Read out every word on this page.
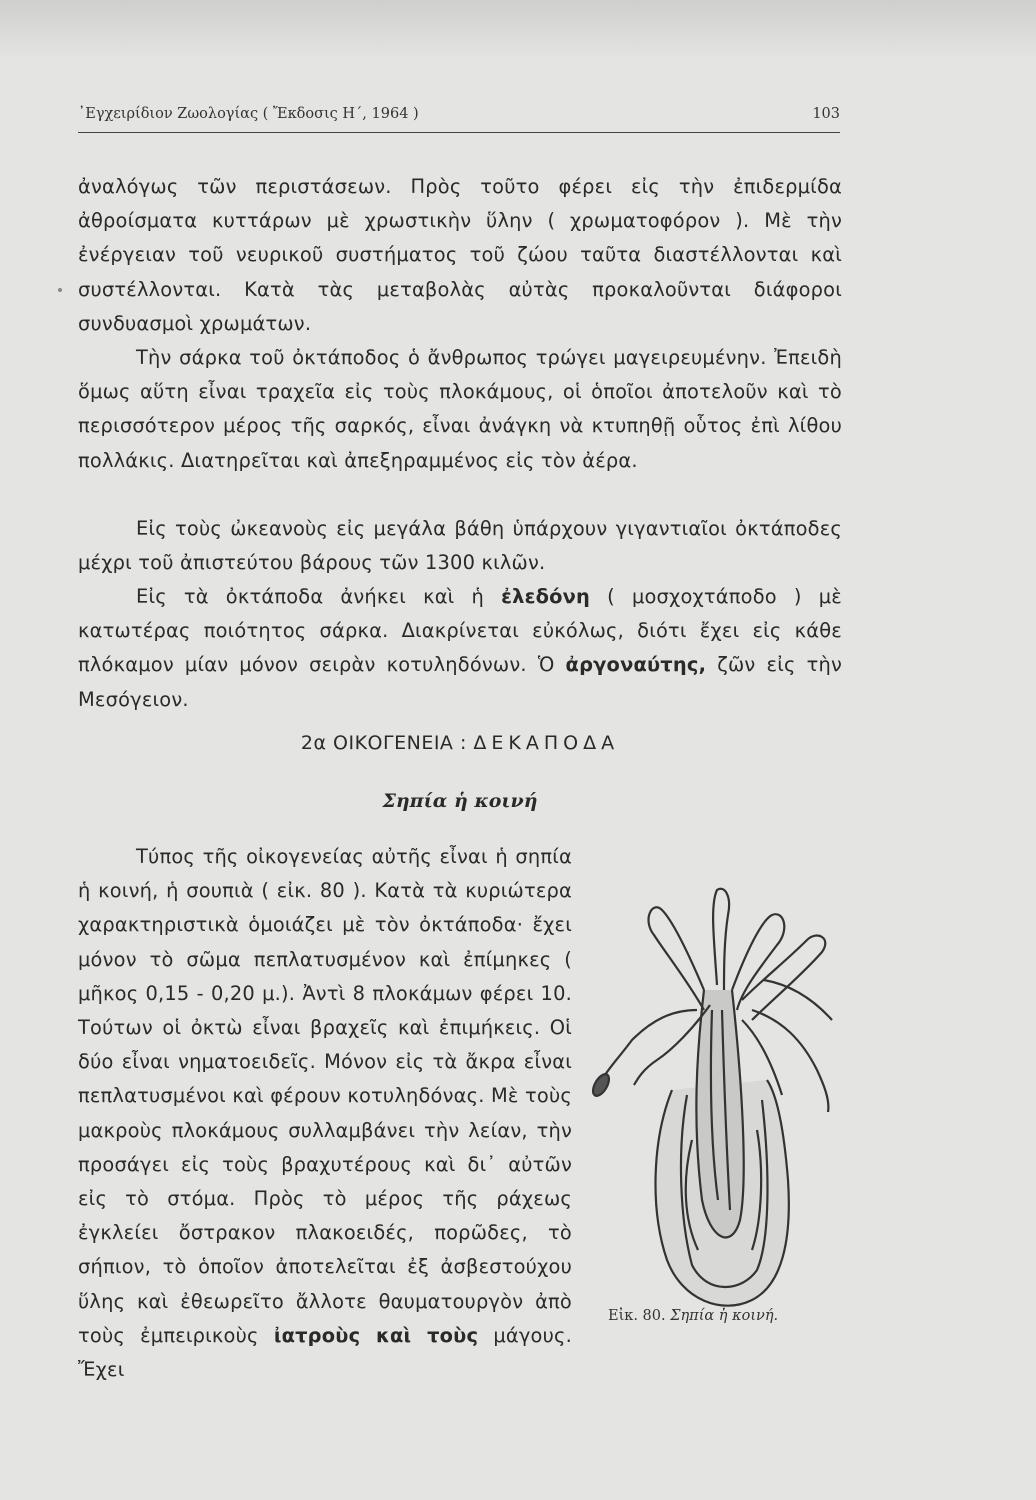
᾿Εγχειρίδιον Ζωολογίας ( Ἔκδοσις Η΄, 1964 )	103

ἀναλόγως τῶν περιστάσεων. Πρὸς τοῦτο φέρει εἰς τὴν ἐπιδερμίδα ἀθροίσματα κυττάρων μὲ χρωστικὴν ὕλην ( χρωματοφόρον ). Μὲ τὴν ἐνέργειαν τοῦ νευρικοῦ συστήματος τοῦ ζώου ταῦτα διαστέλλονται καὶ συστέλλονται. Κατὰ τὰς μεταβολὰς αὐτὰς προκαλοῦνται διάφοροι συνδυασμοὶ χρωμάτων.

Τὴν σάρκα τοῦ ὀκτάποδος ὁ ἄνθρωπος τρώγει μαγειρευμένην. Ἐπειδὴ ὅμως αὕτη εἶναι τραχεῖα εἰς τοὺς πλοκάμους, οἱ ὁποῖοι ἀποτελοῦν καὶ τὸ περισσότερον μέρος τῆς σαρκός, εἶναι ἀνάγκη νὰ κτυπηθῇ οὗτος ἐπὶ λίθου πολλάκις. Διατηρεῖται καὶ ἀπεξηραμμένος εἰς τὸν ἀέρα.

Εἰς τοὺς ὠκεανοὺς εἰς μεγάλα βάθη ὑπάρχουν γιγαντιαῖοι ὀκτάποδες μέχρι τοῦ ἀπιστεύτου βάρους τῶν 1300 κιλῶν.

Εἰς τὰ ὀκτάποδα ἀνήκει καὶ ἡ ἐλεδόνη ( μοσχοχτάποδο ) μὲ κατωτέρας ποιότητος σάρκα. Διακρίνεται εὐκόλως, διότι ἔχει εἰς κάθε πλόκαμον μίαν μόνον σειρὰν κοτυληδόνων. Ὁ ἀργοναύτης, ζῶν εἰς τὴν Μεσόγειον.

2α ΟΙΚΟΓΕΝΕΙΑ : ΔΕΚΑΠΟΔΑ
Σηπία ἡ κοινή

Τύπος τῆς οἰκογενείας αὐτῆς εἶναι ἡ σηπία ἡ κοινή, ἡ σουπιὰ ( εἰκ. 80 ). Κατὰ τὰ κυριώτερα χαρακτηριστικὰ ὁμοιάζει μὲ τὸν ὀκτάποδα· ἔχει μόνον τὸ σῶμα πεπλατυσμένον καὶ ἐπίμηκες ( μῆκος 0,15 - 0,20 μ.). Ἀντὶ 8 πλοκάμων φέρει 10. Τούτων οἱ ὀκτὼ εἶναι βραχεῖς καὶ ἐπιμήκεις. Οἱ δύο εἶναι νηματοειδεῖς. Μόνον εἰς τὰ ἄκρα εἶναι πεπλατυσμένοι καὶ φέρουν κοτυληδόνας. Μὲ τοὺς μακροὺς πλοκάμους συλλαμβάνει τὴν λείαν, τὴν προσάγει εἰς τοὺς βραχυτέρους καὶ δι᾿ αὐτῶν εἰς τὸ στόμα. Πρὸς τὸ μέρος τῆς ράχεως ἐγκλείει ὄστρακον πλακοειδές, πορῶδες, τὸ σήπιον, τὸ ὁποῖον ἀποτελεῖται ἐξ ἀσβεστούχου ὕλης καὶ ἐθεωρεῖτο ἄλλοτε θαυματουργὸν ἀπὸ τοὺς ἐμπειρικοὺς ἰατροὺς καὶ τοὺς μάγους. Ἔχει

Εἰκ. 80. Σηπία ἡ κοινή.
